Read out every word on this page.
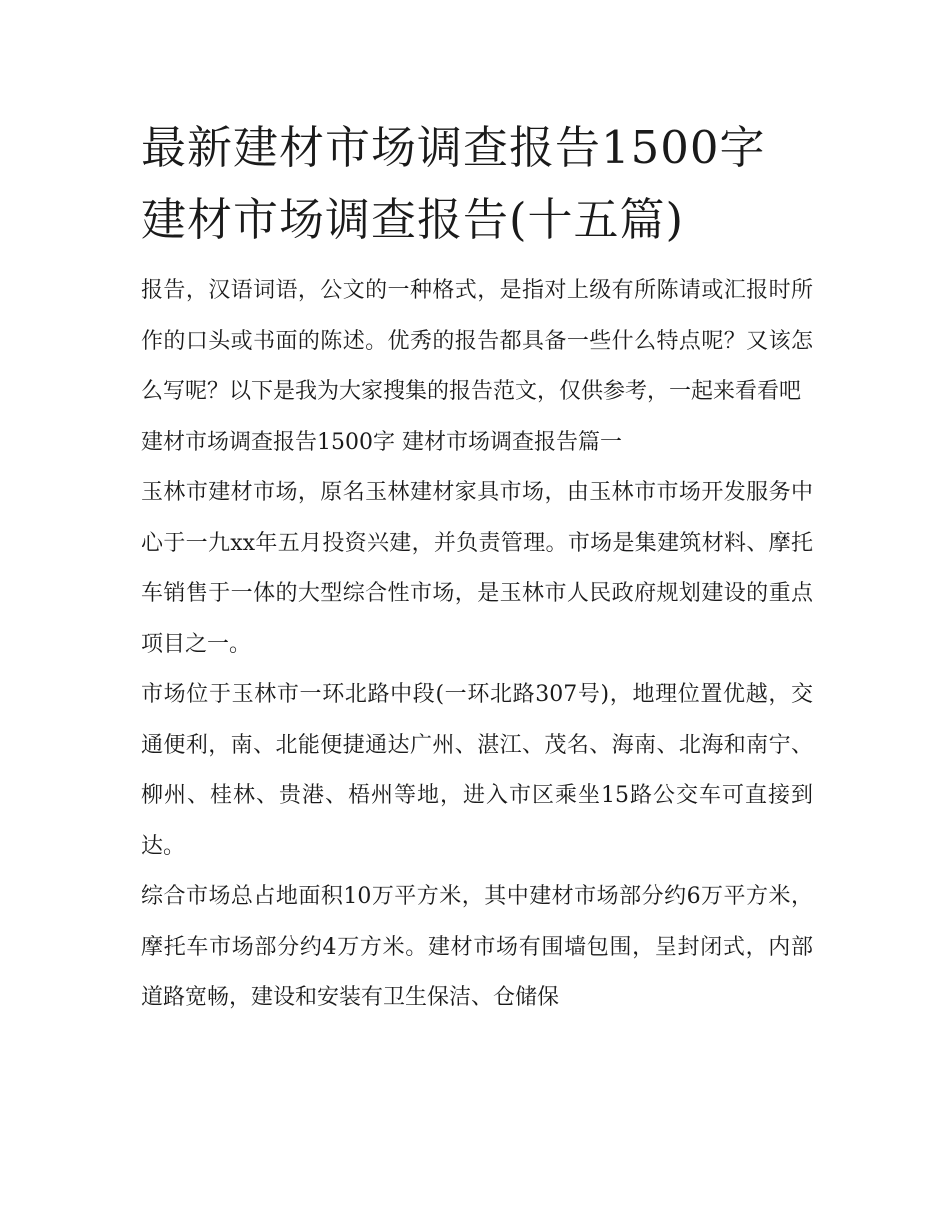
最新建材市场调查报告1500字
建材市场调查报告(十五篇)

报告，汉语词语，公文的一种格式，是指对上级有所陈请或汇报时所作的口头或书面的陈述。优秀的报告都具备一些什么特点呢？又该怎么写呢？以下是我为大家搜集的报告范文，仅供参考，一起来看看吧

建材市场调查报告1500字 建材市场调查报告篇一

玉林市建材市场，原名玉林建材家具市场，由玉林市市场开发服务中心于一九xx年五月投资兴建，并负责管理。市场是集建筑材料、摩托车销售于一体的大型综合性市场，是玉林市人民政府规划建设的重点项目之一。

市场位于玉林市一环北路中段(一环北路307号)，地理位置优越，交通便利，南、北能便捷通达广州、湛江、茂名、海南、北海和南宁、柳州、桂林、贵港、梧州等地，进入市区乘坐15路公交车可直接到达。

综合市场总占地面积10万平方米，其中建材市场部分约6万平方米，摩托车市场部分约4万方米。建材市场有围墙包围，呈封闭式，内部道路宽畅，建设和安装有卫生保洁、仓储保
